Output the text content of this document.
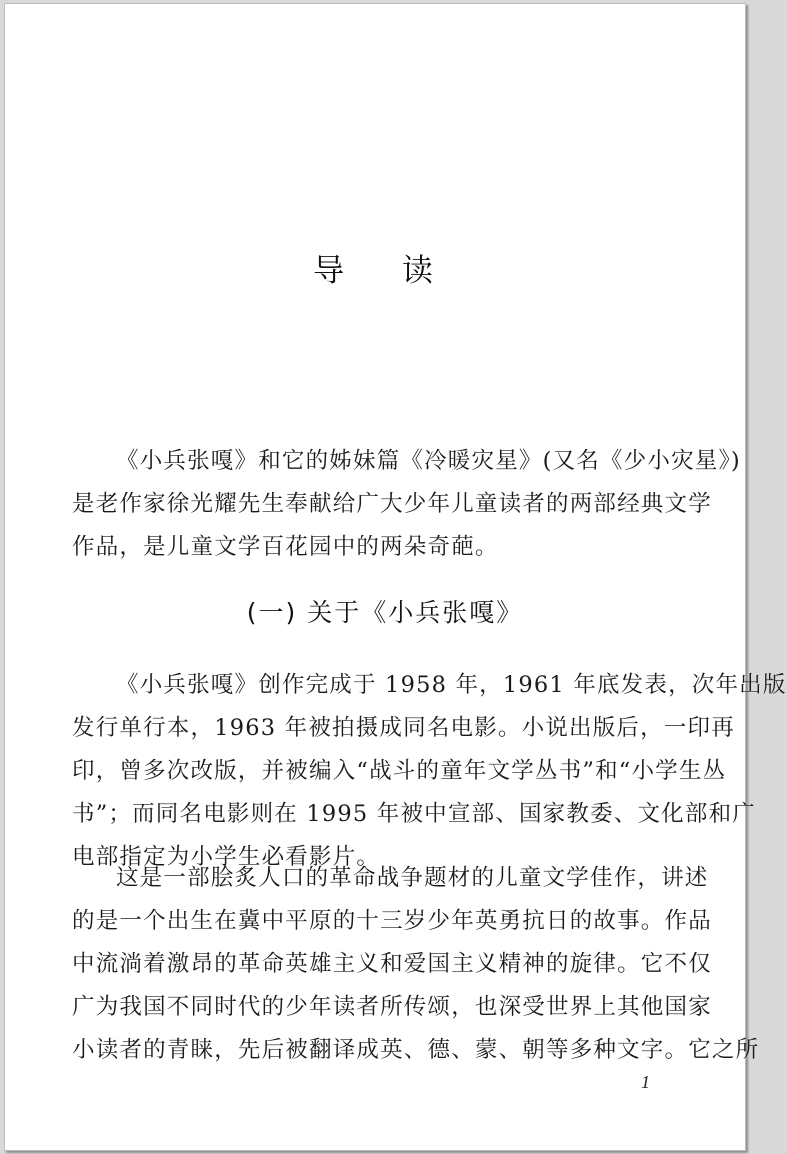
导 读
《小兵张嘎》和它的姊妹篇《冷暖灾星》(又名《少小灾星》)
是老作家徐光耀先生奉献给广大少年儿童读者的两部经典文学
作品，是儿童文学百花园中的两朵奇葩。
(一) 关于《小兵张嘎》
《小兵张嘎》创作完成于 1958 年，1961 年底发表，次年出版
发行单行本，1963 年被拍摄成同名电影。小说出版后，一印再
印，曾多次改版，并被编入“战斗的童年文学丛书”和“小学生丛
书”；而同名电影则在 1995 年被中宣部、国家教委、文化部和广
电部指定为小学生必看影片。
这是一部脍炙人口的革命战争题材的儿童文学佳作，讲述
的是一个出生在冀中平原的十三岁少年英勇抗日的故事。作品
中流淌着激昂的革命英雄主义和爱国主义精神的旋律。它不仅
广为我国不同时代的少年读者所传颂，也深受世界上其他国家
小读者的青睐，先后被翻译成英、德、蒙、朝等多种文字。它之所
1
